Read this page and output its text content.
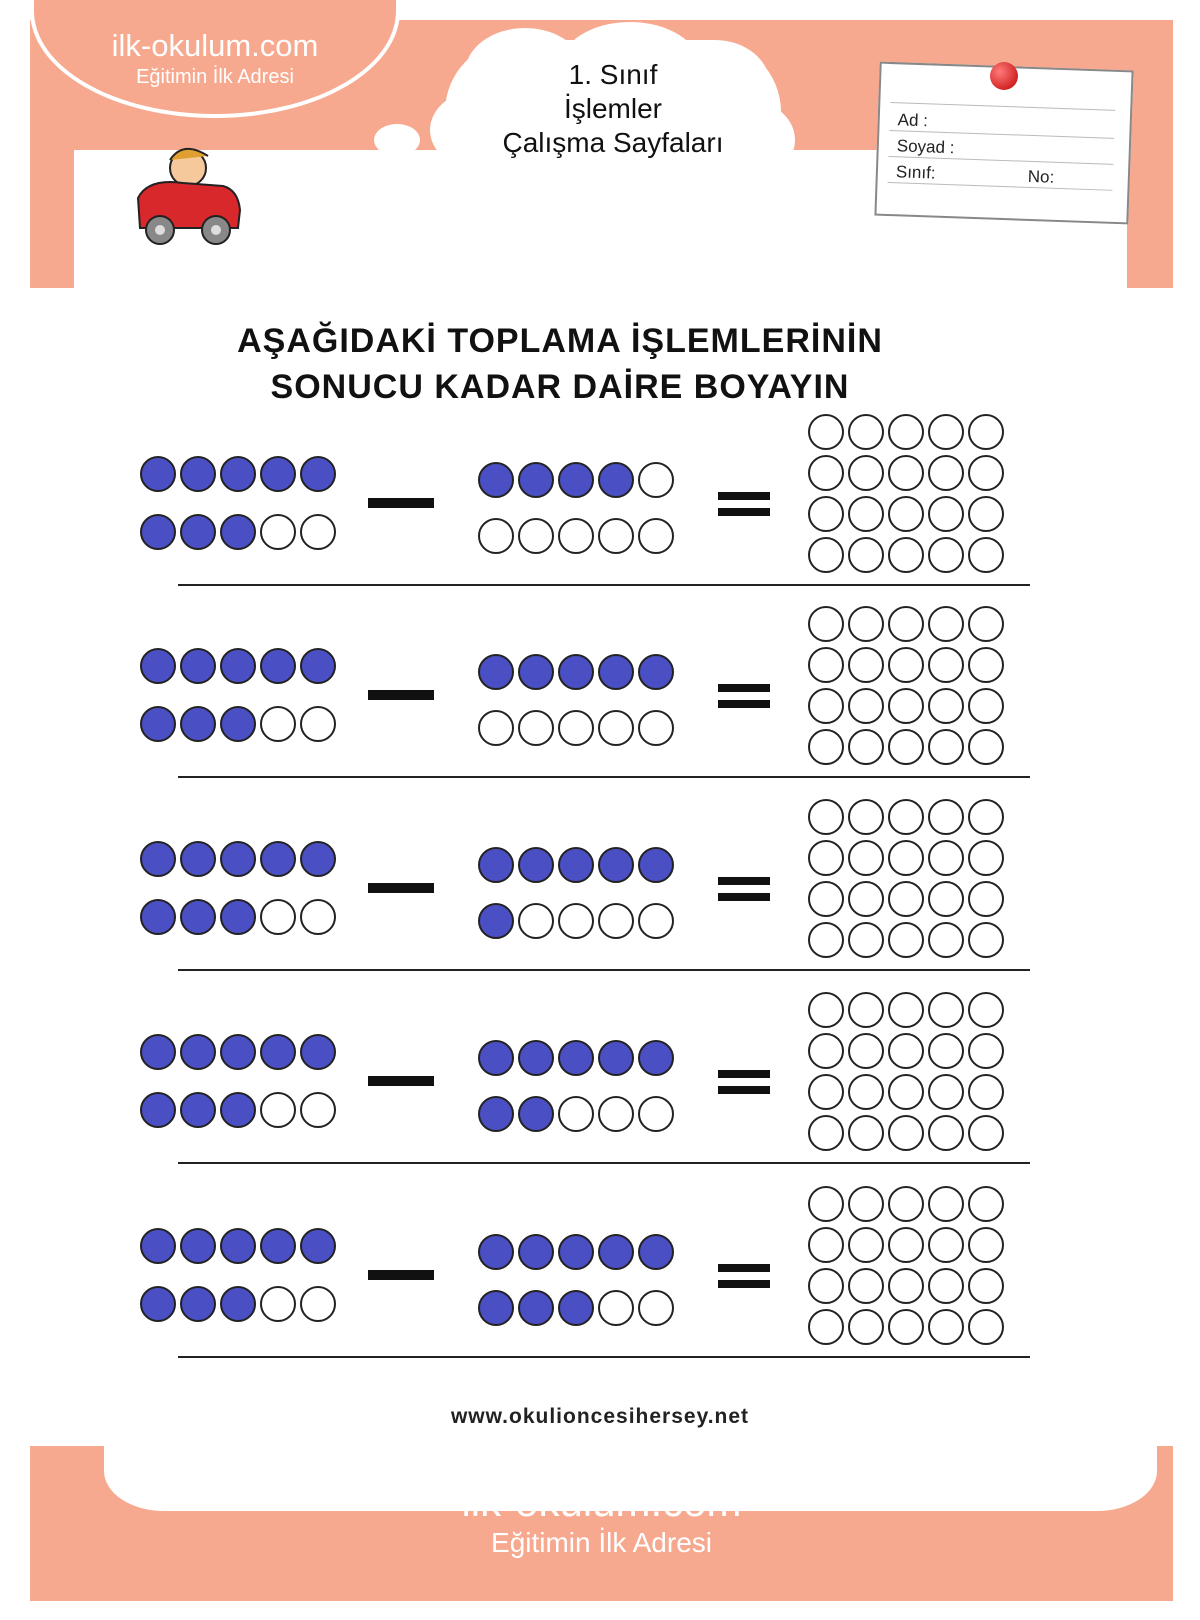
ilk-okulum.com
Eğitimin İlk Adresi	1. Sınıf
İşlemler
Çalışma Sayfaları
Ad :
Soyad :
Sınıf:	No:
AŞAĞIDAKİ TOPLAMA İŞLEMLERİNİN
SONUCU KADAR DAİRE BOYAYIN
www.okulioncesihersey.net
ilk-okulum.com
Eğitimin İlk Adresi
